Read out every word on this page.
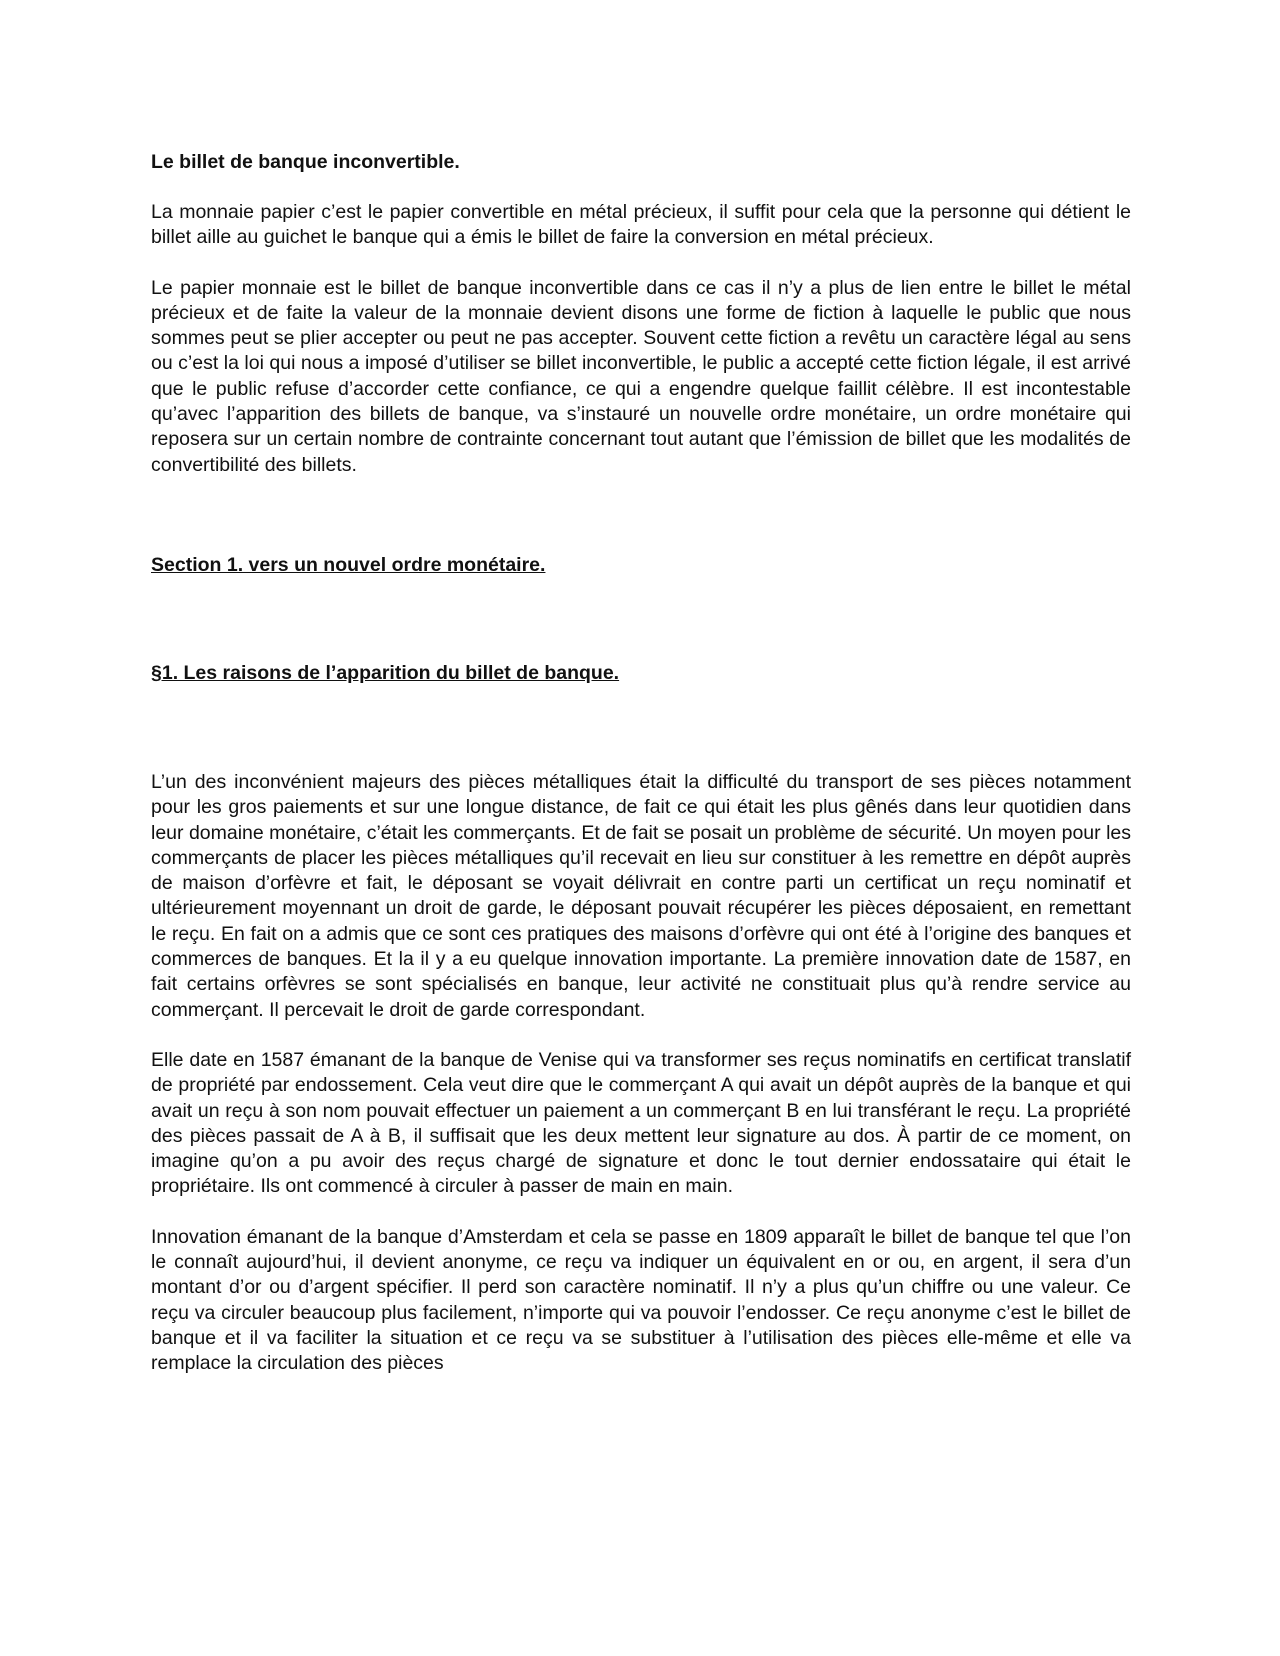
Le billet de banque inconvertible.

La monnaie papier c’est le papier convertible en métal précieux, il suffit pour cela que la personne qui détient le billet aille au guichet le banque qui a émis le billet de faire la conversion en métal précieux.

Le papier monnaie est le billet de banque inconvertible dans ce cas il n’y a plus de lien entre le billet le métal précieux et de faite la valeur de la monnaie devient disons une forme de fiction à laquelle le public que nous sommes peut se plier accepter ou peut ne pas accepter. Souvent cette fiction a revêtu un caractère légal au sens ou c’est la loi qui nous a imposé d’utiliser se billet inconvertible, le public a accepté cette fiction légale, il est arrivé que le public refuse d’accorder cette confiance, ce qui a engendre quelque faillit célèbre. Il est incontestable qu’avec l’apparition des billets de banque, va s’instauré un nouvelle ordre monétaire, un ordre monétaire qui reposera sur un certain nombre de contrainte concernant tout autant que l’émission de billet que les modalités de convertibilité des billets.

Section 1. vers un nouvel ordre monétaire.

§1. Les raisons de l’apparition du billet de banque.

L’un des inconvénient majeurs des pièces métalliques était la difficulté du transport de ses pièces notamment pour les gros paiements et sur une longue distance, de fait ce qui était les plus gênés dans leur quotidien dans leur domaine monétaire, c’était les commerçants. Et de fait se posait un problème de sécurité. Un moyen pour les commerçants de placer les pièces métalliques qu’il recevait en lieu sur constituer à les remettre en dépôt auprès de maison d’orfèvre et fait, le déposant se voyait délivrait en contre parti un certificat un reçu nominatif et ultérieurement moyennant un droit de garde, le déposant pouvait récupérer les pièces déposaient, en remettant le reçu. En fait on a admis que ce sont ces pratiques des maisons d’orfèvre qui ont été à l’origine des banques et commerces de banques. Et la il y a eu quelque innovation importante. La première innovation date de 1587, en fait certains orfèvres se sont spécialisés en banque, leur activité ne constituait plus qu’à rendre service au commerçant. Il percevait le droit de garde correspondant.

Elle date en 1587 émanant de la banque de Venise qui va transformer ses reçus nominatifs en certificat translatif de propriété par endossement. Cela veut dire que le commerçant A qui avait un dépôt auprès de la banque et qui avait un reçu à son nom pouvait effectuer un paiement a un commerçant B en lui transférant le reçu. La propriété des pièces passait de A à B, il suffisait que les deux mettent leur signature au dos. À partir de ce moment, on imagine qu’on a pu avoir des reçus chargé de signature et donc le tout dernier endossataire qui était le propriétaire. Ils ont commencé à circuler à passer de main en main.

Innovation émanant de la banque d’Amsterdam et cela se passe en 1809 apparaît le billet de banque tel que l’on le connaît aujourd’hui, il devient anonyme, ce reçu va indiquer un équivalent en or ou, en argent, il sera d’un montant d’or ou d’argent spécifier. Il perd son caractère nominatif. Il n’y a plus qu’un chiffre ou une valeur. Ce reçu va circuler beaucoup plus facilement, n’importe qui va pouvoir l’endosser. Ce reçu anonyme c’est le billet de banque et il va faciliter la situation et ce reçu va se substituer à l’utilisation des pièces elle-même et elle va remplace la circulation des pièces
